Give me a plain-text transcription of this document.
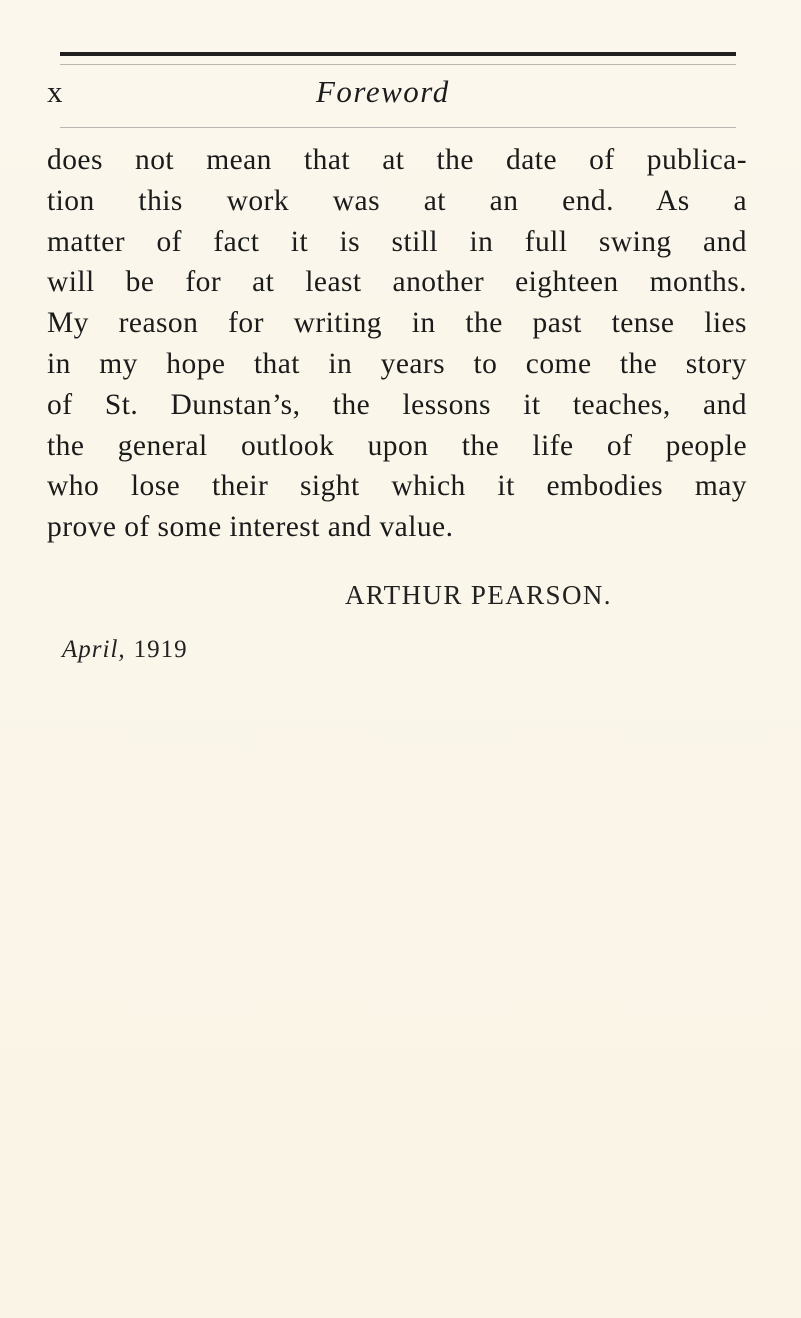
x	Foreword
does not mean that at the date of publica-
tion this work was at an end. As a
matter of fact it is still in full swing and
will be for at least another eighteen months.
My reason for writing in the past tense lies
in my hope that in years to come the story
of St. Dunstan’s, the lessons it teaches, and
the general outlook upon the life of people
who lose their sight which it embodies may
prove of some interest and value.
ARTHUR PEARSON.
April, 1919
